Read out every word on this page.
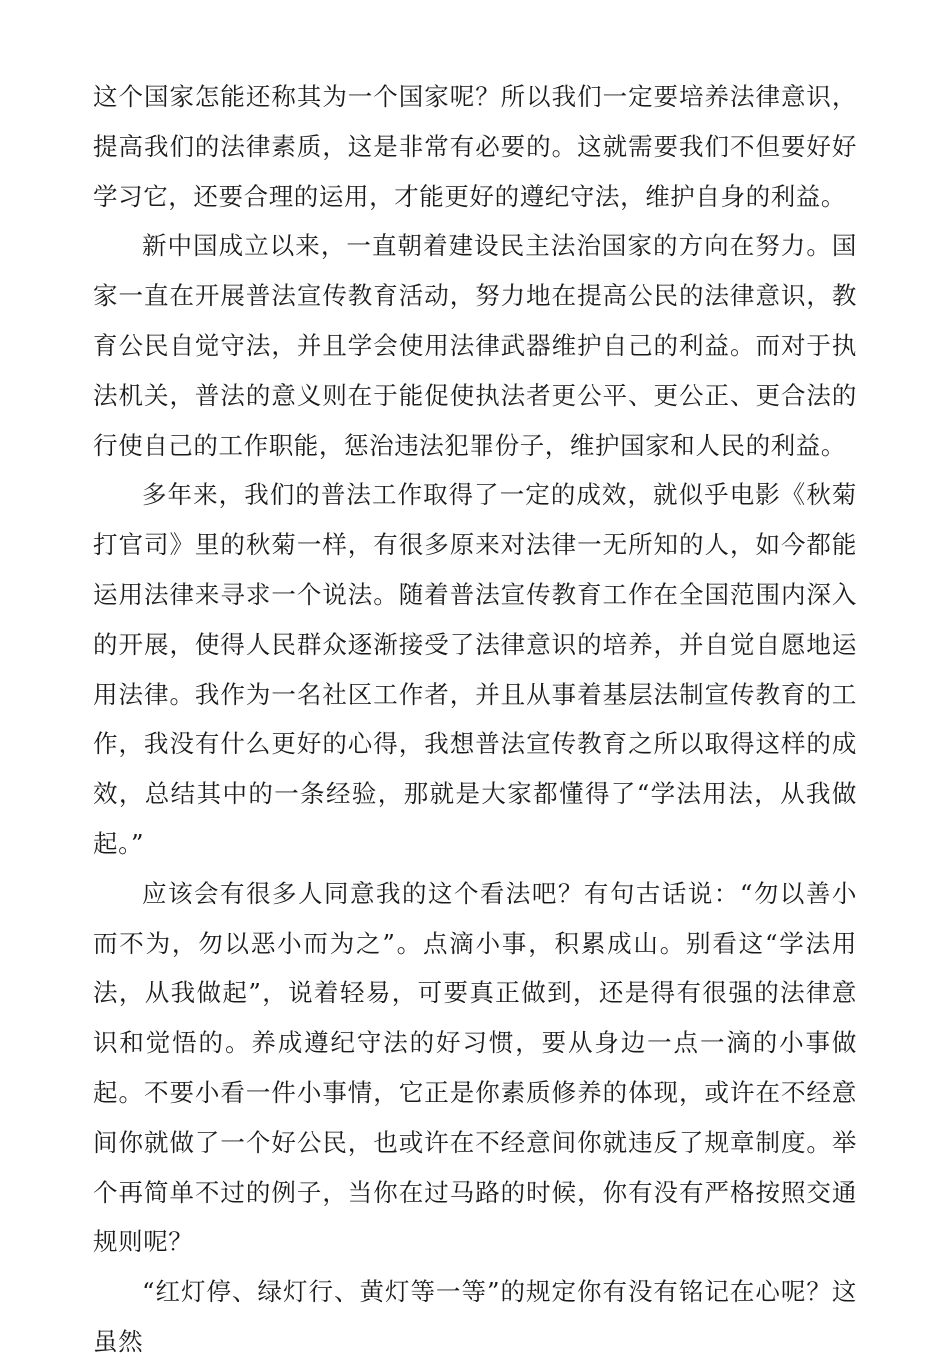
这个国家怎能还称其为一个国家呢？所以我们一定要培养法律意识，提高我们的法律素质，这是非常有必要的。这就需要我们不但要好好学习它，还要合理的运用，才能更好的遵纪守法，维护自身的利益。

新中国成立以来，一直朝着建设民主法治国家的方向在努力。国家一直在开展普法宣传教育活动，努力地在提高公民的法律意识，教育公民自觉守法，并且学会使用法律武器维护自己的利益。而对于执法机关，普法的意义则在于能促使执法者更公平、更公正、更合法的行使自己的工作职能，惩治违法犯罪份子，维护国家和人民的利益。

多年来，我们的普法工作取得了一定的成效，就似乎电影《秋菊打官司》里的秋菊一样，有很多原来对法律一无所知的人，如今都能运用法律来寻求一个说法。随着普法宣传教育工作在全国范围内深入的开展，使得人民群众逐渐接受了法律意识的培养，并自觉自愿地运用法律。我作为一名社区工作者，并且从事着基层法制宣传教育的工作，我没有什么更好的心得，我想普法宣传教育之所以取得这样的成效，总结其中的一条经验，那就是大家都懂得了“学法用法，从我做起。”

应该会有很多人同意我的这个看法吧？有句古话说：“勿以善小而不为，勿以恶小而为之”。点滴小事，积累成山。别看这“学法用法，从我做起”，说着轻易，可要真正做到，还是得有很强的法律意识和觉悟的。养成遵纪守法的好习惯，要从身边一点一滴的小事做起。不要小看一件小事情，它正是你素质修养的体现，或许在不经意间你就做了一个好公民，也或许在不经意间你就违反了规章制度。举个再简单不过的例子，当你在过马路的时候，你有没有严格按照交通规则呢？

“红灯停、绿灯行、黄灯等一等”的规定你有没有铭记在心呢？这虽然
